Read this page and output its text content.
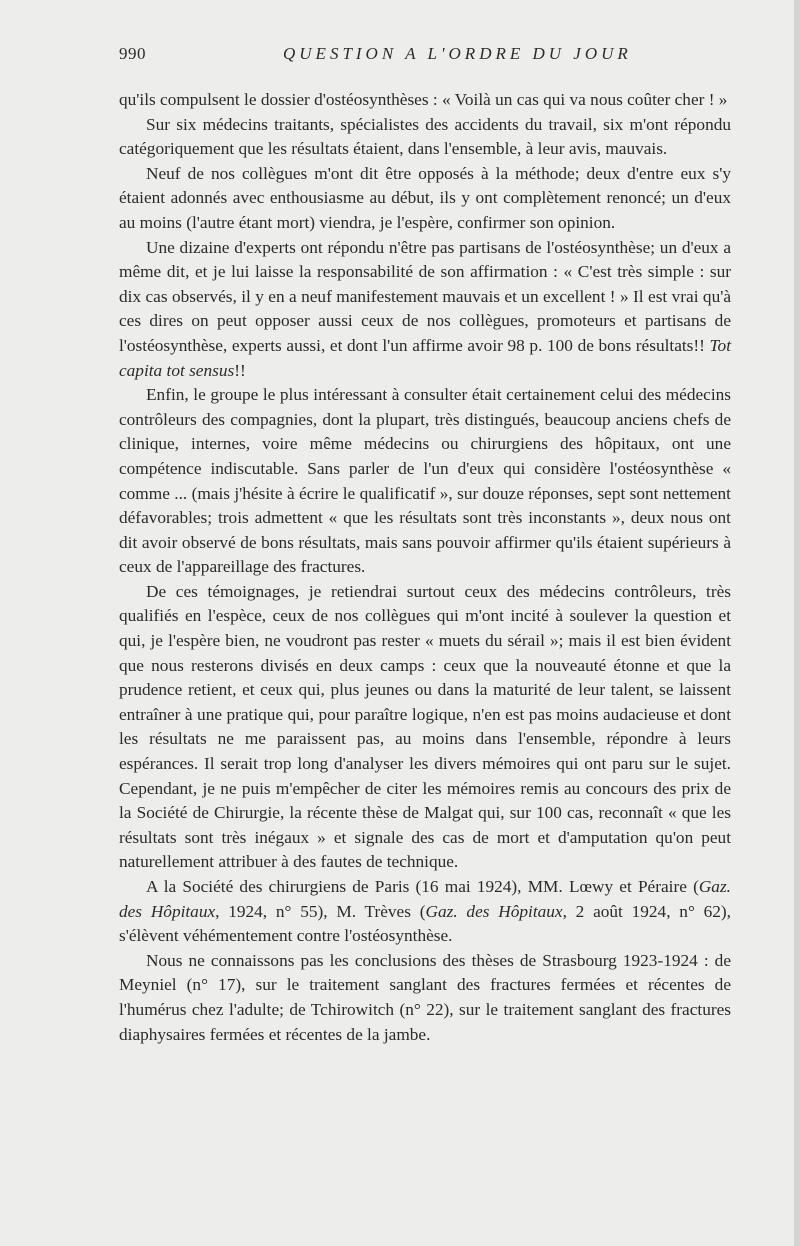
990	QUESTION A L'ORDRE DU JOUR

qu'ils compulsent le dossier d'ostéosynthèses : « Voilà un cas qui va nous coûter cher ! »

Sur six médecins traitants, spécialistes des accidents du travail, six m'ont répondu catégoriquement que les résultats étaient, dans l'ensemble, à leur avis, mauvais.

Neuf de nos collègues m'ont dit être opposés à la méthode; deux d'entre eux s'y étaient adonnés avec enthousiasme au début, ils y ont complètement renoncé; un d'eux au moins (l'autre étant mort) viendra, je l'espère, confirmer son opinion.

Une dizaine d'experts ont répondu n'être pas partisans de l'ostéosynthèse; un d'eux a même dit, et je lui laisse la responsabilité de son affirmation : « C'est très simple : sur dix cas observés, il y en a neuf manifestement mauvais et un excellent ! » Il est vrai qu'à ces dires on peut opposer aussi ceux de nos collègues, promoteurs et partisans de l'ostéosynthèse, experts aussi, et dont l'un affirme avoir 98 p. 100 de bons résultats!! Tot capita tot sensus!!

Enfin, le groupe le plus intéressant à consulter était certainement celui des médecins contrôleurs des compagnies, dont la plupart, très distingués, beaucoup anciens chefs de clinique, internes, voire même médecins ou chirurgiens des hôpitaux, ont une compétence indiscutable. Sans parler de l'un d'eux qui considère l'ostéosynthèse « comme ... (mais j'hésite à écrire le qualificatif », sur douze réponses, sept sont nettement défavorables; trois admettent « que les résultats sont très inconstants », deux nous ont dit avoir observé de bons résultats, mais sans pouvoir affirmer qu'ils étaient supérieurs à ceux de l'appareillage des fractures.

De ces témoignages, je retiendrai surtout ceux des médecins contrôleurs, très qualifiés en l'espèce, ceux de nos collègues qui m'ont incité à soulever la question et qui, je l'espère bien, ne voudront pas rester « muets du sérail »; mais il est bien évident que nous resterons divisés en deux camps : ceux que la nouveauté étonne et que la prudence retient, et ceux qui, plus jeunes ou dans la maturité de leur talent, se laissent entraîner à une pratique qui, pour paraître logique, n'en est pas moins audacieuse et dont les résultats ne me paraissent pas, au moins dans l'ensemble, répondre à leurs espérances. Il serait trop long d'analyser les divers mémoires qui ont paru sur le sujet. Cependant, je ne puis m'empêcher de citer les mémoires remis au concours des prix de la Société de Chirurgie, la récente thèse de Malgat qui, sur 100 cas, reconnaît « que les résultats sont très inégaux » et signale des cas de mort et d'amputation qu'on peut naturellement attribuer à des fautes de technique.

A la Société des chirurgiens de Paris (16 mai 1924), MM. Lœwy et Péraire (Gaz. des Hôpitaux, 1924, n° 55), M. Trèves (Gaz. des Hôpitaux, 2 août 1924, n° 62), s'élèvent véhémentement contre l'ostéosynthèse.

Nous ne connaissons pas les conclusions des thèses de Strasbourg 1923-1924 : de Meyniel (n° 17), sur le traitement sanglant des fractures fermées et récentes de l'humérus chez l'adulte; de Tchirowitch (n° 22), sur le traitement sanglant des fractures diaphysaires fermées et récentes de la jambe.
